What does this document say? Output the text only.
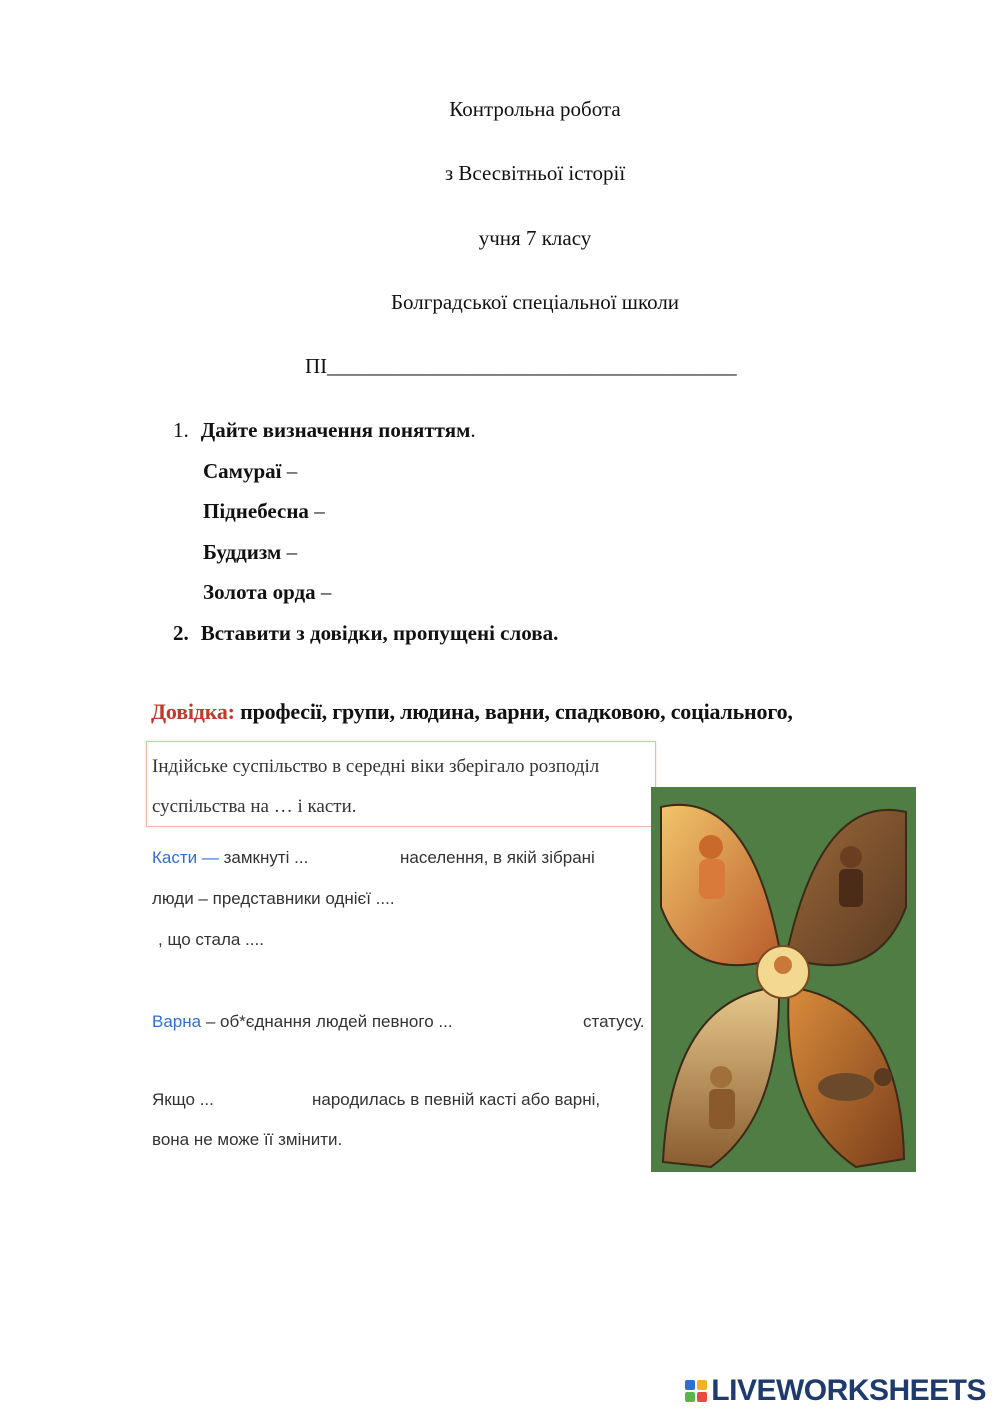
Контрольна робота
з Всесвітньої історії
учня 7 класу
Болградської спеціальної школи
ПІ_______________________________________
1. Дайте визначення поняттям.
Самураї –
Піднебесна –
Буддизм –
Золота орда –
2. Вставити з довідки, пропущені слова.
Довідка: професії, групи, людина, варни, спадковою, соціального,
Індійське суспільство в середні віки зберігало розподіл
суспільства на … і касти.
Касти — замкнуті ...	населення, в якій зібрані
люди – представники однієї ....
, що стала ....
Варна – об*єднання людей певного ...	статусу.
Якщо ...	народилась в певній касті або варні,
вона не може її змінити.
LIVEWORKSHEETS
